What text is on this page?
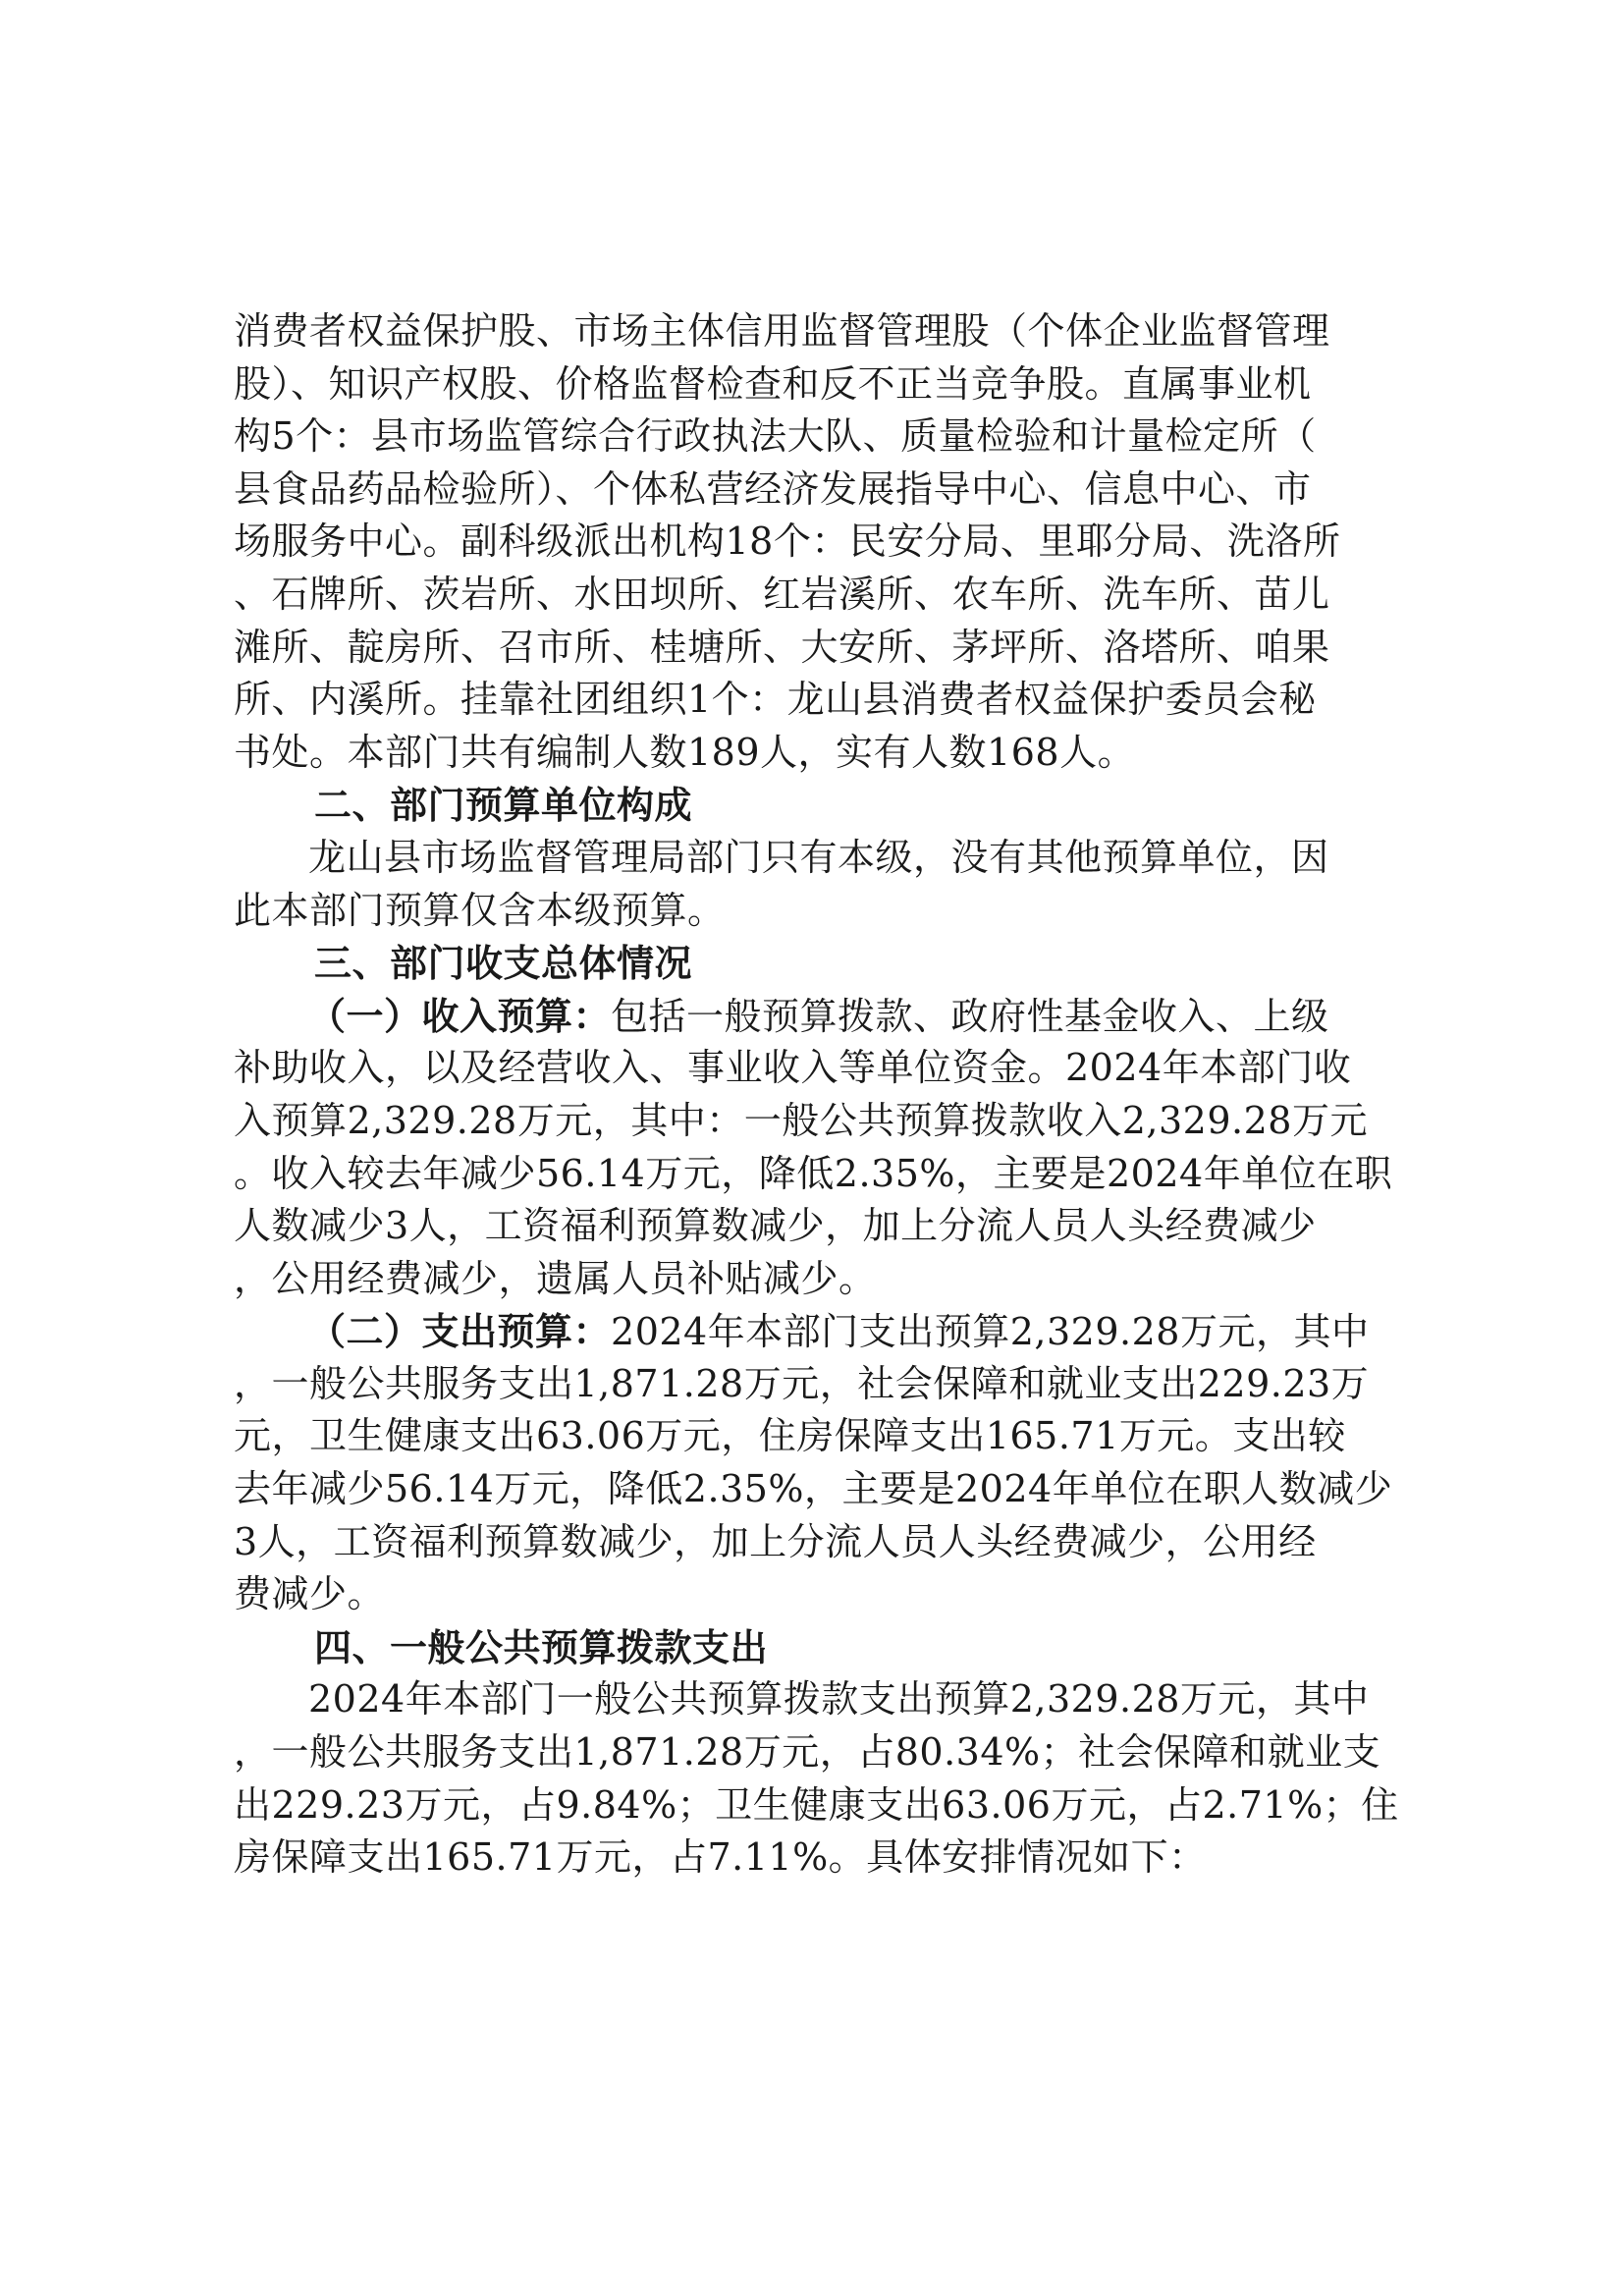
消费者权益保护股、市场主体信用监督管理股（个体企业监督管理
股）、知识产权股、价格监督检查和反不正当竞争股。直属事业机
构5个：县市场监管综合行政执法大队、质量检验和计量检定所（
县食品药品检验所）、个体私营经济发展指导中心、信息中心、市
场服务中心。副科级派出机构18个：民安分局、里耶分局、洗洛所
、石牌所、茨岩所、水田坝所、红岩溪所、农车所、洗车所、苗儿
滩所、靛房所、召市所、桂塘所、大安所、茅坪所、洛塔所、咱果
所、内溪所。挂靠社团组织1个：龙山县消费者权益保护委员会秘
书处。本部门共有编制人数189人，实有人数168人。
二、部门预算单位构成
龙山县市场监督管理局部门只有本级，没有其他预算单位，因
此本部门预算仅含本级预算。
三、部门收支总体情况
（一）收入预算：包括一般预算拨款、政府性基金收入、上级
补助收入，以及经营收入、事业收入等单位资金。2024年本部门收
入预算2,329.28万元，其中：一般公共预算拨款收入2,329.28万元
。收入较去年减少56.14万元，降低2.35%，主要是2024年单位在职
人数减少3人，工资福利预算数减少，加上分流人员人头经费减少
，公用经费减少，遗属人员补贴减少。
（二）支出预算：2024年本部门支出预算2,329.28万元，其中
，一般公共服务支出1,871.28万元，社会保障和就业支出229.23万
元，卫生健康支出63.06万元，住房保障支出165.71万元。支出较
去年减少56.14万元，降低2.35%，主要是2024年单位在职人数减少
3人，工资福利预算数减少，加上分流人员人头经费减少，公用经
费减少。
四、一般公共预算拨款支出
2024年本部门一般公共预算拨款支出预算2,329.28万元，其中
，一般公共服务支出1,871.28万元，占80.34%；社会保障和就业支
出229.23万元，占9.84%；卫生健康支出63.06万元，占2.71%；住
房保障支出165.71万元，占7.11%。具体安排情况如下：
